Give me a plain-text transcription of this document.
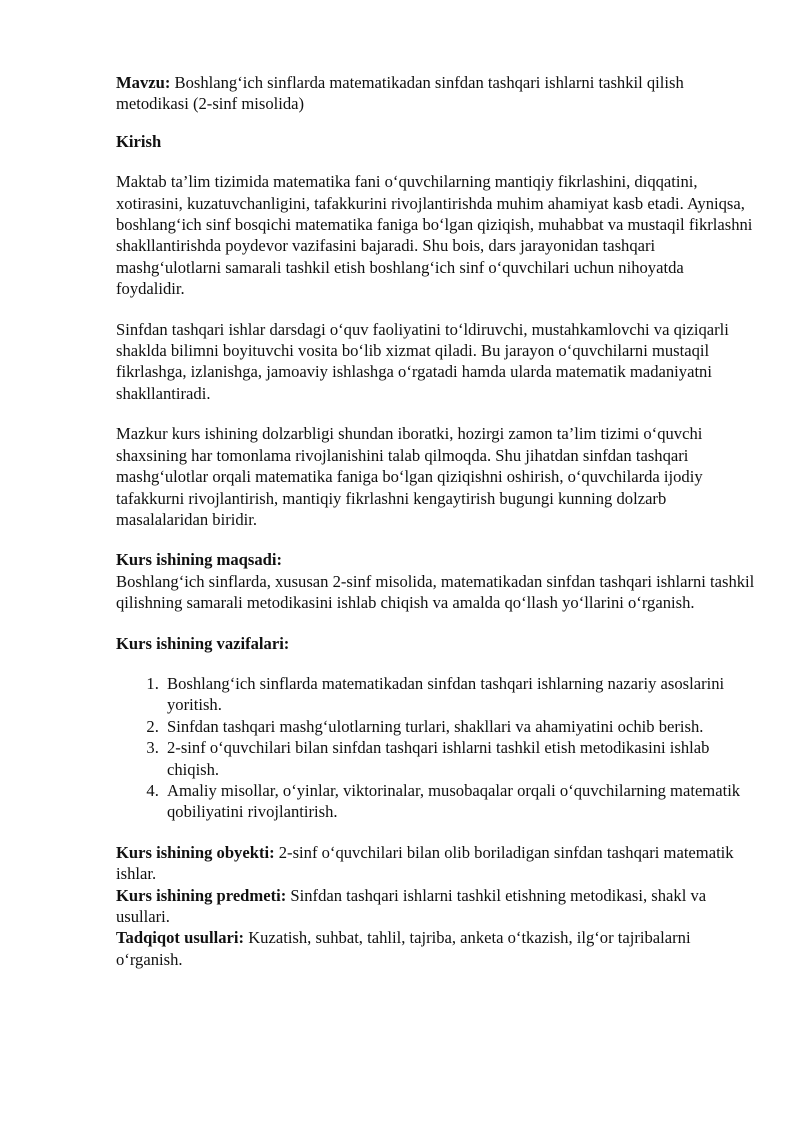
Mavzu: Boshlang‘ich sinflarda matematikadan sinfdan tashqari ishlarni tashkil qilish metodikasi (2-sinf misolida)

Kirish

Maktab ta’lim tizimida matematika fani o‘quvchilarning mantiqiy fikrlashini, diqqatini, xotirasini, kuzatuvchanligini, tafakkurini rivojlantirishda muhim ahamiyat kasb etadi. Ayniqsa, boshlang‘ich sinf bosqichi matematika faniga bo‘lgan qiziqish, muhabbat va mustaqil fikrlashni shakllantirishda poydevor vazifasini bajaradi. Shu bois, dars jarayonidan tashqari mashg‘ulotlarni samarali tashkil etish boshlang‘ich sinf o‘quvchilari uchun nihoyatda foydalidir.

Sinfdan tashqari ishlar darsdagi o‘quv faoliyatini to‘ldiruvchi, mustahkamlovchi va qiziqarli shaklda bilimni boyituvchi vosita bo‘lib xizmat qiladi. Bu jarayon o‘quvchilarni mustaqil fikrlashga, izlanishga, jamoaviy ishlashga o‘rgatadi hamda ularda matematik madaniyatni shakllantiradi.

Mazkur kurs ishining dolzarbligi shundan iboratki, hozirgi zamon ta’lim tizimi o‘quvchi shaxsining har tomonlama rivojlanishini talab qilmoqda. Shu jihatdan sinfdan tashqari mashg‘ulotlar orqali matematika faniga bo‘lgan qiziqishni oshirish, o‘quvchilarda ijodiy tafakkurni rivojlantirish, mantiqiy fikrlashni kengaytirish bugungi kunning dolzarb masalalaridan biridir.

Kurs ishining maqsadi:

Boshlang‘ich sinflarda, xususan 2-sinf misolida, matematikadan sinfdan tashqari ishlarni tashkil qilishning samarali metodikasini ishlab chiqish va amalda qo‘llash yo‘llarini o‘rganish.

Kurs ishining vazifalari:

1. Boshlang‘ich sinflarda matematikadan sinfdan tashqari ishlarning nazariy asoslarini yoritish.
2. Sinfdan tashqari mashg‘ulotlarning turlari, shakllari va ahamiyatini ochib berish.
3. 2-sinf o‘quvchilari bilan sinfdan tashqari ishlarni tashkil etish metodikasini ishlab chiqish.
4. Amaliy misollar, o‘yinlar, viktorinalar, musobaqalar orqali o‘quvchilarning matematik qobiliyatini rivojlantirish.

Kurs ishining obyekti: 2-sinf o‘quvchilari bilan olib boriladigan sinfdan tashqari matematik ishlar.

Kurs ishining predmeti: Sinfdan tashqari ishlarni tashkil etishning metodikasi, shakl va usullari.

Tadqiqot usullari: Kuzatish, suhbat, tahlil, tajriba, anketa o‘tkazish, ilg‘or tajribalarni o‘rganish.
